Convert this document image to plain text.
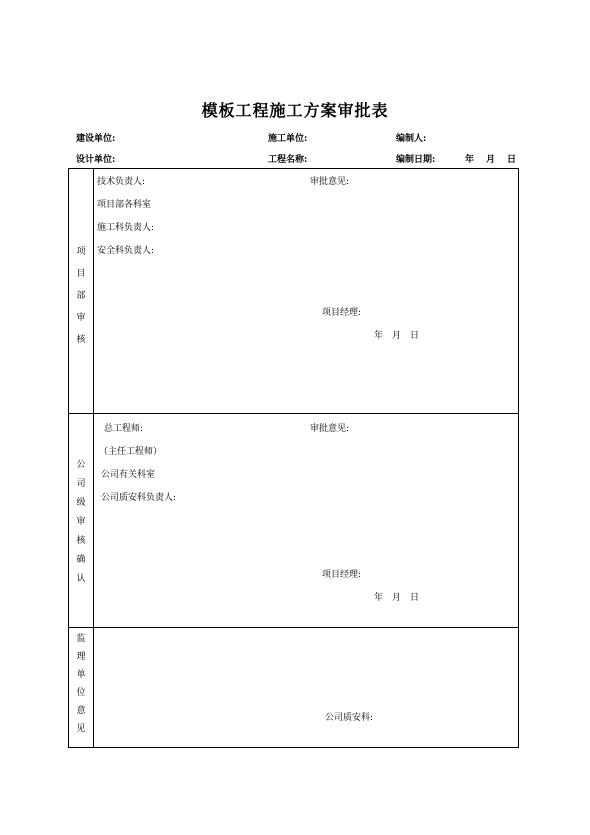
模板工程施工方案审批表
建设单位:	施工单位:	编制人:
设计单位:	工程名称:	编制日期:	年 月 日
项
目
部
审
核
技术负责人:
项目部各科室
施工科负责人:
安全科负责人:
审批意见:
项目经理:
年　月　日
公
司
级
审
核
确
认
总工程师:
（主任工程师）
公司有关科室
公司质安科负责人:
审批意见:
项目经理:
年　月　日
监
理
单
位
意
见
公司质安科:
